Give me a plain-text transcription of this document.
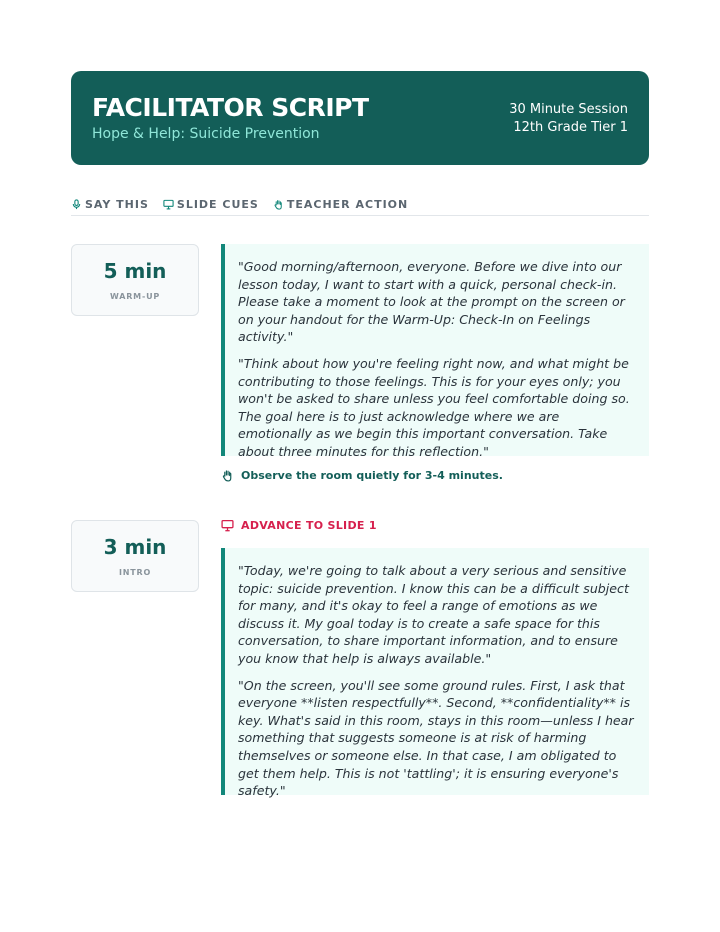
FACILITATOR SCRIPT
Hope & Help: Suicide Prevention
30 Minute Session
12th Grade Tier 1
SAY THIS	SLIDE CUES	TEACHER ACTION
5 min
WARM-UP

"Good morning/afternoon, everyone. Before we dive into our lesson today, I want to start with a quick, personal check-in. Please take a moment to look at the prompt on the screen or on your handout for the Warm-Up: Check-In on Feelings activity."

"Think about how you're feeling right now, and what might be contributing to those feelings. This is for your eyes only; you won't be asked to share unless you feel comfortable doing so. The goal here is to just acknowledge where we are emotionally as we begin this important conversation. Take about three minutes for this reflection."

Observe the room quietly for 3-4 minutes.
3 min
INTRO
ADVANCE TO SLIDE 1

"Today, we're going to talk about a very serious and sensitive topic: suicide prevention. I know this can be a difficult subject for many, and it's okay to feel a range of emotions as we discuss it. My goal today is to create a safe space for this conversation, to share important information, and to ensure you know that help is always available."

"On the screen, you'll see some ground rules. First, I ask that everyone **listen respectfully**. Second, **confidentiality** is key. What's said in this room, stays in this room—unless I hear something that suggests someone is at risk of harming themselves or someone else. In that case, I am obligated to get them help. This is not 'tattling'; it is ensuring everyone's safety."
